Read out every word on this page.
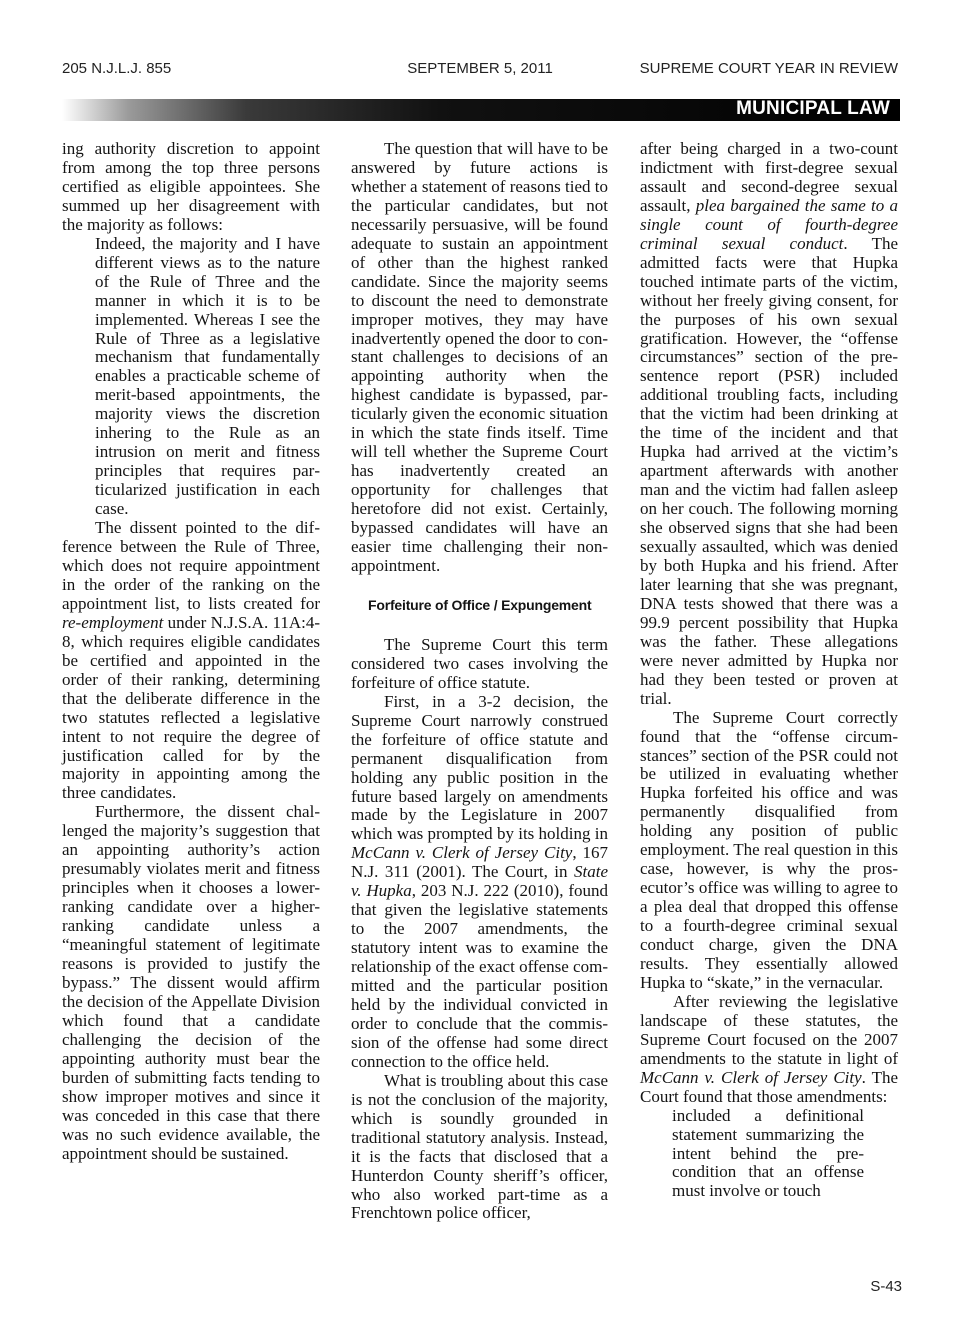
205 N.J.L.J. 855	SEPTEMBER 5, 2011	SUPREME COURT YEAR IN REVIEW
MUNICIPAL LAW

ing authority discretion to appoint from among the top three persons certified as eligible appointees. She summed up her disagreement with the majority as follows:

Indeed, the majority and I have different views as to the nature of the Rule of Three and the manner in which it is to be implemented. Whereas I see the Rule of Three as a legislative mechanism that fundamentally enables a practicable scheme of merit-based appointments, the majority views the discretion inhering to the Rule as an intrusion on merit and fitness principles that requires particularized justification in each case.

The dissent pointed to the difference between the Rule of Three, which does not require appointment in the order of the ranking on the appointment list, to lists created for re-employment under N.J.S.A. 11A:4-8, which requires eligible candidates be certified and appointed in the order of their ranking, determining that the deliberate difference in the two statutes reflected a legislative intent to not require the degree of justification called for by the majority in appointing among the three candidates.

Furthermore, the dissent challenged the majority’s suggestion that an appointing authority’s action presumably violates merit and fitness principles when it chooses a lower-ranking candidate over a higher-ranking candidate unless a “meaningful statement of legitimate reasons is provided to justify the bypass.” The dissent would affirm the decision of the Appellate Division which found that a candidate challenging the decision of the appointing authority must bear the burden of submitting facts tending to show improper motives and since it was conceded in this case that there was no such evidence available, the appointment should be sustained.

The question that will have to be answered by future actions is whether a statement of reasons tied to the particular candidates, but not necessarily persuasive, will be found adequate to sustain an appointment of other than the highest ranked candidate. Since the majority seems to discount the need to demonstrate improper motives, they may have inadvertently opened the door to constant challenges to decisions of an appointing authority when the highest candidate is bypassed, particularly given the economic situation in which the state finds itself. Time will tell whether the Supreme Court has inadvertently created an opportunity for challenges that heretofore did not exist. Certainly, bypassed candidates will have an easier time challenging their non-appointment.

Forfeiture of Office / Expungement

The Supreme Court this term considered two cases involving the forfeiture of office statute.

First, in a 3-2 decision, the Supreme Court narrowly construed the forfeiture of office statute and permanent disqualification from holding any public position in the future based largely on amendments made by the Legislature in 2007 which was prompted by its holding in McCann v. Clerk of Jersey City, 167 N.J. 311 (2001). The Court, in State v. Hupka, 203 N.J. 222 (2010), found that given the legislative statements to the 2007 amendments, the statutory intent was to examine the relationship of the exact offense committed and the particular position held by the individual convicted in order to conclude that the commission of the offense had some direct connection to the office held.

What is troubling about this case is not the conclusion of the majority, which is soundly grounded in traditional statutory analysis. Instead, it is the facts that disclosed that a Hunterdon County sheriff’s officer, who also worked part-time as a Frenchtown police officer,

after being charged in a two-count indictment with first-degree sexual assault and second-degree sexual assault, plea bargained the same to a single count of fourth-degree criminal sexual conduct. The admitted facts were that Hupka touched intimate parts of the victim, without her freely giving consent, for the purposes of his own sexual gratification. However, the “offense circumstances” section of the pre-sentence report (PSR) included additional troubling facts, including that the victim had been drinking at the time of the incident and that Hupka had arrived at the victim’s apartment afterwards with another man and the victim had fallen asleep on her couch. The following morning she observed signs that she had been sexually assaulted, which was denied by both Hupka and his friend. After later learning that she was pregnant, DNA tests showed that there was a 99.9 percent possibility that Hupka was the father. These allegations were never admitted by Hupka nor had they been tested or proven at trial.

The Supreme Court correctly found that the “offense circumstances” section of the PSR could not be utilized in evaluating whether Hupka forfeited his office and was permanently disqualified from holding any position of public employment. The real question in this case, however, is why the prosecutor’s office was willing to agree to a plea deal that dropped this offense to a fourth-degree criminal sexual conduct charge, given the DNA results. They essentially allowed Hupka to “skate,” in the vernacular.

After reviewing the legislative landscape of these statutes, the Supreme Court focused on the 2007 amendments to the statute in light of McCann v. Clerk of Jersey City. The Court found that those amendments:

included a definitional statement summarizing the intent behind the precondition that an offense must involve or touch
S-43
